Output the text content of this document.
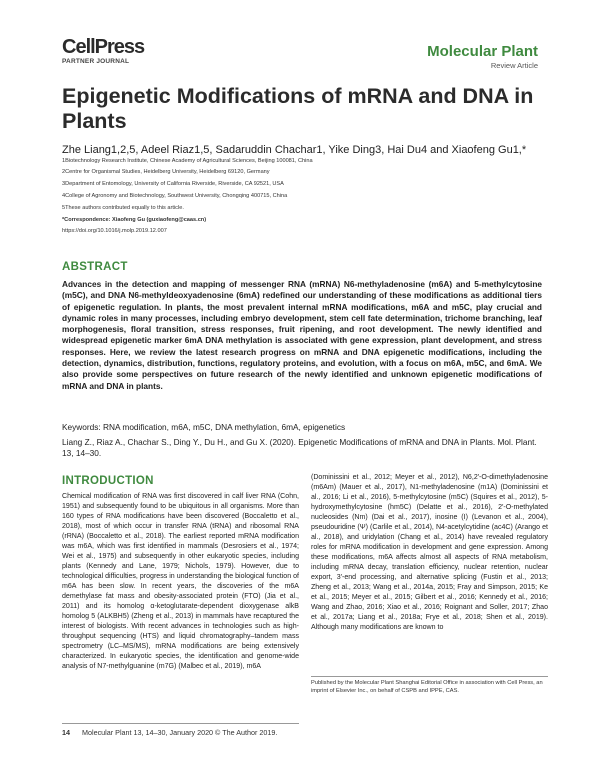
CellPress
PARTNER JOURNAL
Molecular Plant
Review Article
Epigenetic Modifications of mRNA and DNA in Plants
Zhe Liang1,2,5, Adeel Riaz1,5, Sadaruddin Chachar1, Yike Ding3, Hai Du4 and Xiaofeng Gu1,*
1Biotechnology Research Institute, Chinese Academy of Agricultural Sciences, Beijing 100081, China
2Centre for Organismal Studies, Heidelberg University, Heidelberg 69120, Germany
3Department of Entomology, University of California Riverside, Riverside, CA 92521, USA
4College of Agronomy and Biotechnology, Southwest University, Chongqing 400715, China
5These authors contributed equally to this article.
*Correspondence: Xiaofeng Gu (guxiaofeng@caas.cn)
https://doi.org/10.1016/j.molp.2019.12.007
ABSTRACT

Advances in the detection and mapping of messenger RNA (mRNA) N6-methyladenosine (m6A) and 5-methylcytosine (m5C), and DNA N6-methyldeoxyadenosine (6mA) redefined our understanding of these modifications as additional tiers of epigenetic regulation. In plants, the most prevalent internal mRNA modifications, m6A and m5C, play crucial and dynamic roles in many processes, including embryo development, stem cell fate determination, trichome branching, leaf morphogenesis, floral transition, stress responses, fruit ripening, and root development. The newly identified and widespread epigenetic marker 6mA DNA methylation is associated with gene expression, plant development, and stress responses. Here, we review the latest research progress on mRNA and DNA epigenetic modifications, including the detection, dynamics, distribution, functions, regulatory proteins, and evolution, with a focus on m6A, m5C, and 6mA. We also provide some perspectives on future research of the newly identified and unknown epigenetic modifications of mRNA and DNA in plants.

Keywords: RNA modification, m6A, m5C, DNA methylation, 6mA, epigenetics

Liang Z., Riaz A., Chachar S., Ding Y., Du H., and Gu X. (2020). Epigenetic Modifications of mRNA and DNA in Plants. Mol. Plant. 13, 14–30.

INTRODUCTION

Chemical modification of RNA was first discovered in calf liver RNA (Cohn, 1951) and subsequently found to be ubiquitous in all organisms. More than 160 types of RNA modifications have been discovered (Boccaletto et al., 2018), most of which occur in transfer RNA (tRNA) and ribosomal RNA (rRNA) (Boccaletto et al., 2018). The earliest reported mRNA modification was m6A, which was first identified in mammals (Desrosiers et al., 1974; Wei et al., 1975) and subsequently in other eukaryotic species, including plants (Kennedy and Lane, 1979; Nichols, 1979). However, due to technological difficulties, progress in understanding the biological function of m6A has been slow. In recent years, the discoveries of the m6A demethylase fat mass and obesity-associated protein (FTO) (Jia et al., 2011) and its homolog α-ketoglutarate-dependent dioxygenase alkB homolog 5 (ALKBH5) (Zheng et al., 2013) in mammals have recaptured the interest of biologists. With recent advances in technologies such as high-throughput sequencing (HTS) and liquid chromatography–tandem mass spectrometry (LC–MS/MS), mRNA modifications are being extensively characterized. In eukaryotic species, the identification and genome-wide analysis of N7-methylguanine (m7G) (Malbec et al., 2019), m6A

(Dominissini et al., 2012; Meyer et al., 2012), N6,2′-O-dimethyladenosine (m6Am) (Mauer et al., 2017), N1-methyladenosine (m1A) (Dominissini et al., 2016; Li et al., 2016), 5-methylcytosine (m5C) (Squires et al., 2012), 5-hydroxymethylcytosine (hm5C) (Delatte et al., 2016), 2′-O-methylated nucleosides (Nm) (Dai et al., 2017), inosine (I) (Levanon et al., 2004), pseudouridine (Ψ) (Carlile et al., 2014), N4-acetylcytidine (ac4C) (Arango et al., 2018), and uridylation (Chang et al., 2014) have revealed regulatory roles for mRNA modification in development and gene expression. Among these modifications, m6A affects almost all aspects of RNA metabolism, including mRNA decay, translation efficiency, nuclear retention, nuclear export, 3′-end processing, and alternative splicing (Fustin et al., 2013; Zheng et al., 2013; Wang et al., 2014a, 2015; Fray and Simpson, 2015; Ke et al., 2015; Meyer et al., 2015; Gilbert et al., 2016; Kennedy et al., 2016; Wang and Zhao, 2016; Xiao et al., 2016; Roignant and Soller, 2017; Zhao et al., 2017a; Liang et al., 2018a; Frye et al., 2018; Shen et al., 2019). Although many modifications are known to

Published by the Molecular Plant Shanghai Editorial Office in association with Cell Press, an imprint of Elsevier Inc., on behalf of CSPB and IPPE, CAS.

14 Molecular Plant 13, 14–30, January 2020 © The Author 2019.
